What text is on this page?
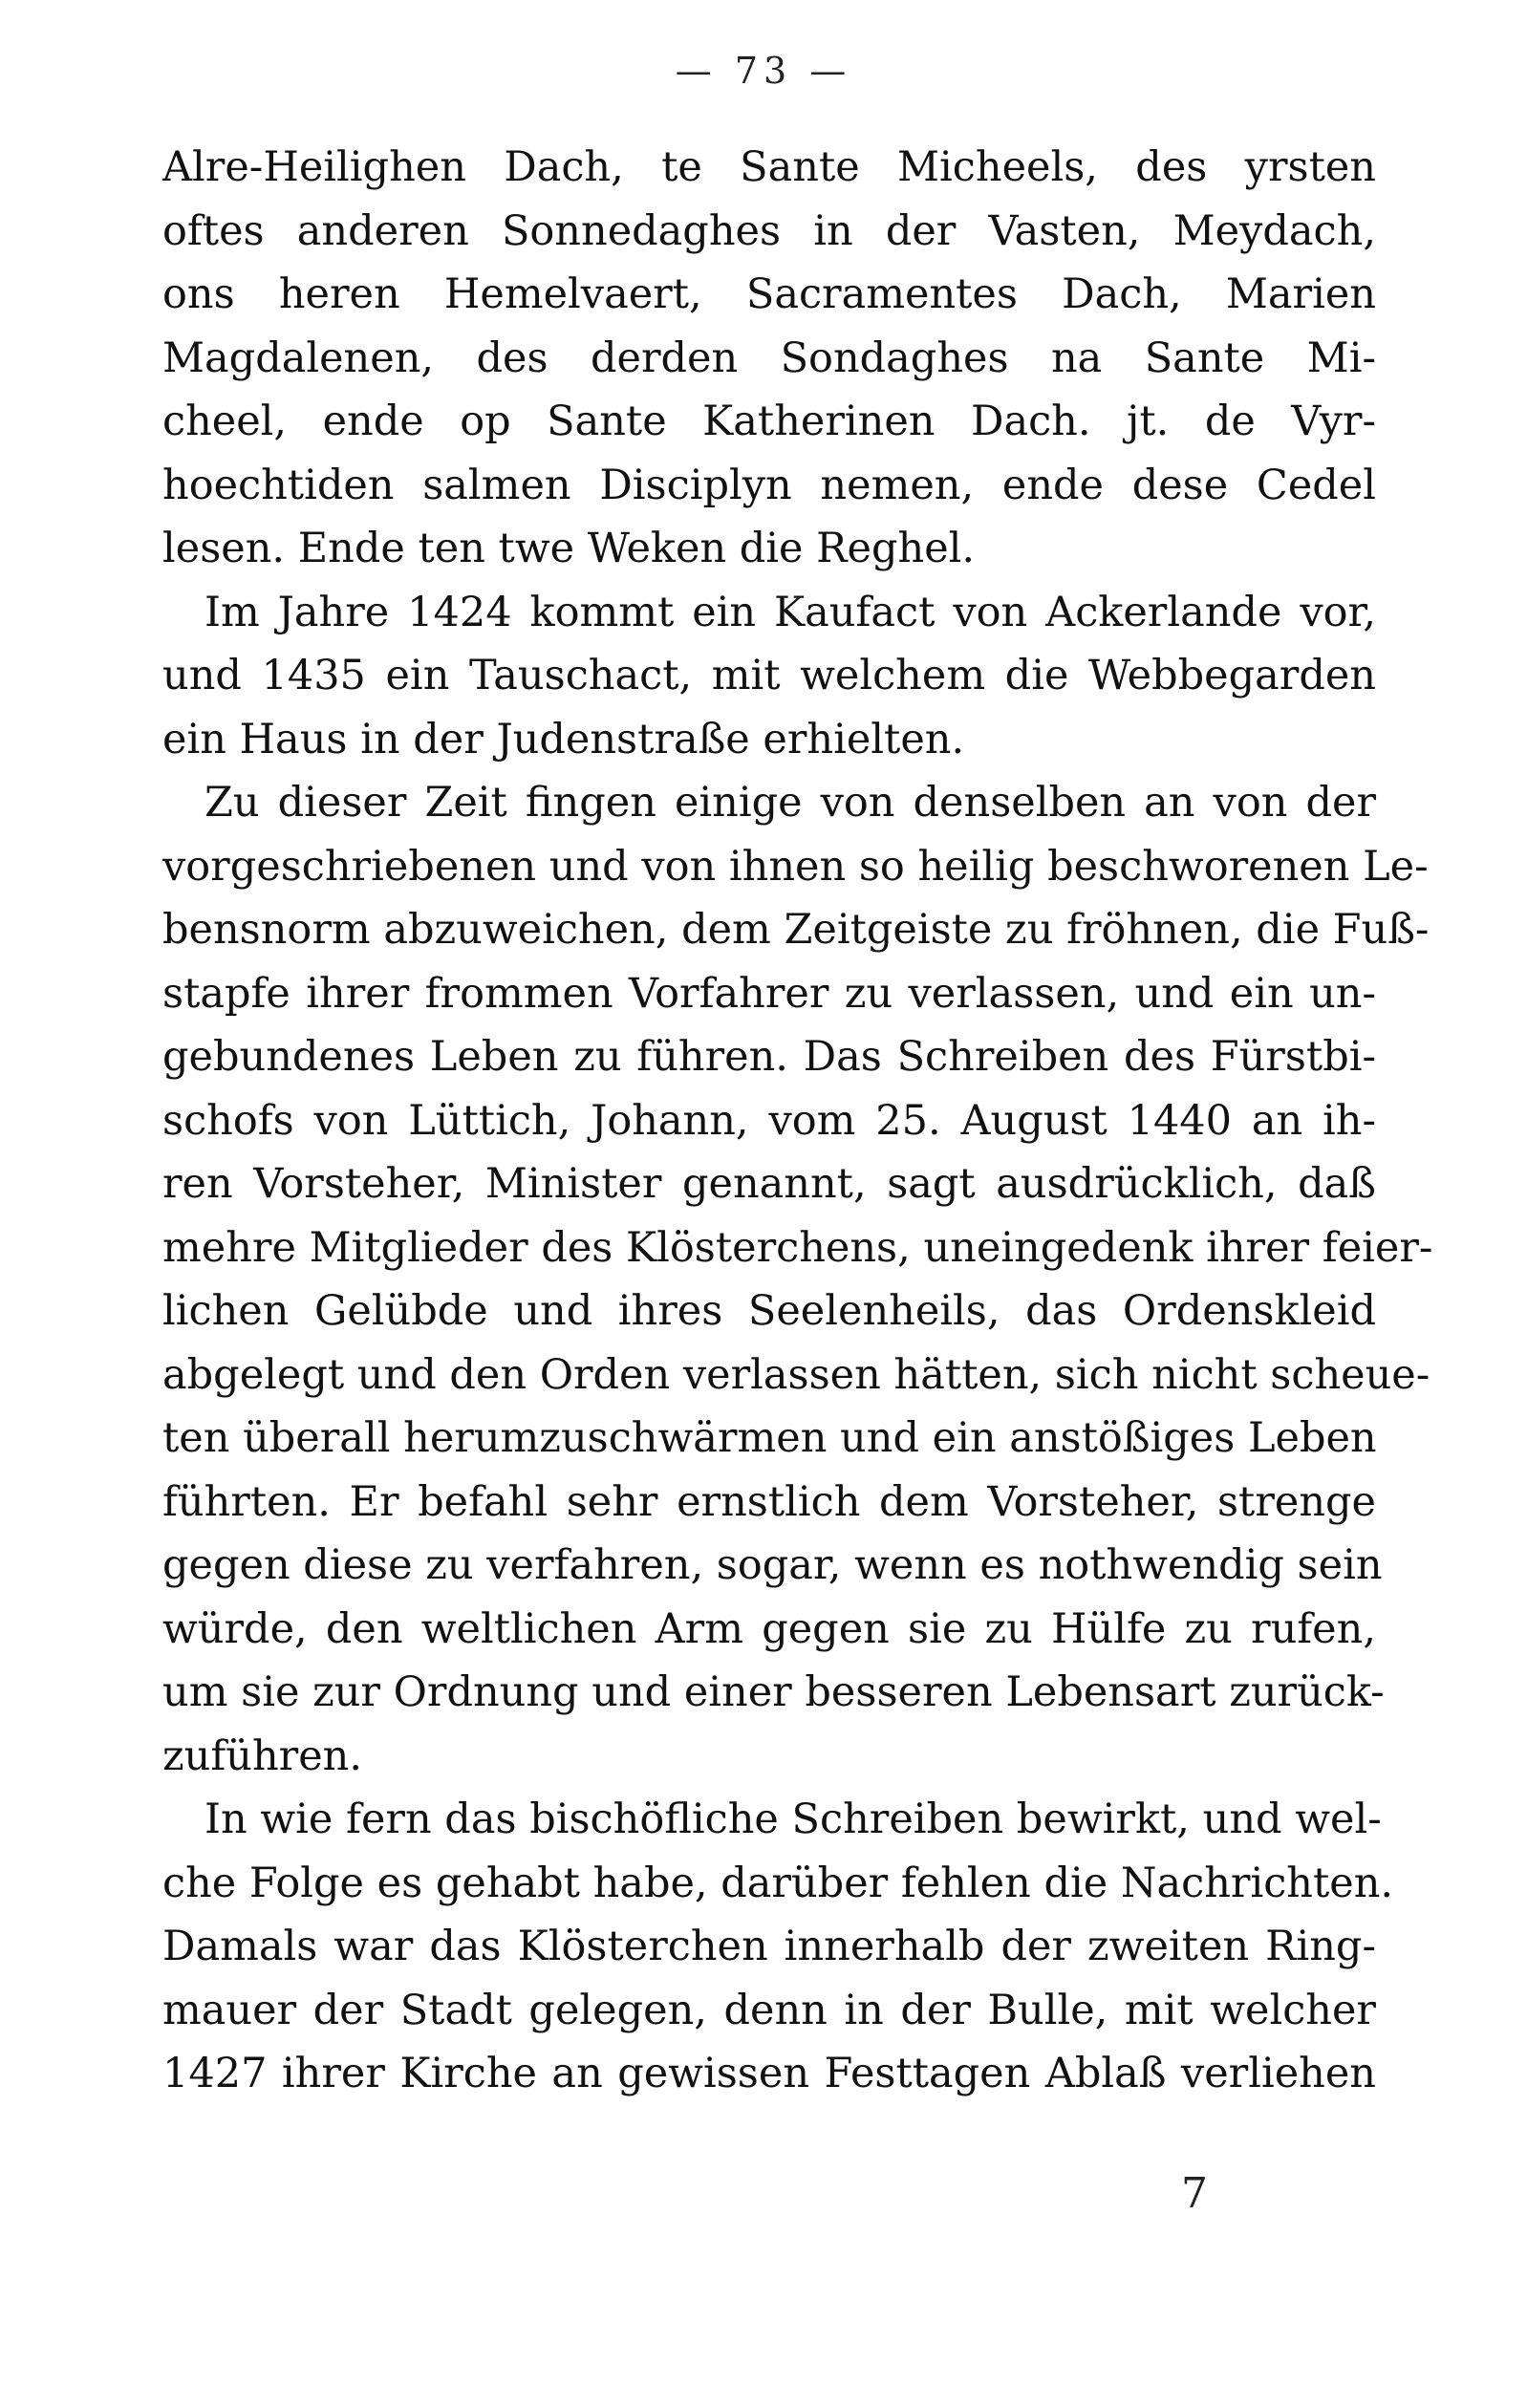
— 73 —
Alre-Heilighen Dach, te Sante Micheels, des yrsten
oftes anderen Sonnedaghes in der Vasten, Meydach,
ons heren Hemelvaert, Sacramentes Dach, Marien
Magdalenen, des derden Sondaghes na Sante Mi-
cheel, ende op Sante Katherinen Dach. jt. de Vyr-
hoechtiden salmen Disciplyn nemen, ende dese Cedel
lesen. Ende ten twe Weken die Reghel.
Im Jahre 1424 kommt ein Kaufact von Ackerlande vor,
und 1435 ein Tauschact, mit welchem die Webbegarden
ein Haus in der Judenstraße erhielten.
Zu dieser Zeit fingen einige von denselben an von der
vorgeschriebenen und von ihnen so heilig beschworenen Le-
bensnorm abzuweichen, dem Zeitgeiste zu fröhnen, die Fuß-
stapfe ihrer frommen Vorfahrer zu verlassen, und ein un-
gebundenes Leben zu führen. Das Schreiben des Fürstbi-
schofs von Lüttich, Johann, vom 25. August 1440 an ih-
ren Vorsteher, Minister genannt, sagt ausdrücklich, daß
mehre Mitglieder des Klösterchens, uneingedenk ihrer feier-
lichen Gelübde und ihres Seelenheils, das Ordenskleid
abgelegt und den Orden verlassen hätten, sich nicht scheue-
ten überall herumzuschwärmen und ein anstößiges Leben
führten. Er befahl sehr ernstlich dem Vorsteher, strenge
gegen diese zu verfahren, sogar, wenn es nothwendig sein
würde, den weltlichen Arm gegen sie zu Hülfe zu rufen,
um sie zur Ordnung und einer besseren Lebensart zurück-
zuführen.
In wie fern das bischöfliche Schreiben bewirkt, und wel-
che Folge es gehabt habe, darüber fehlen die Nachrichten.
Damals war das Klösterchen innerhalb der zweiten Ring-
mauer der Stadt gelegen, denn in der Bulle, mit welcher
1427 ihrer Kirche an gewissen Festtagen Ablaß verliehen
7
